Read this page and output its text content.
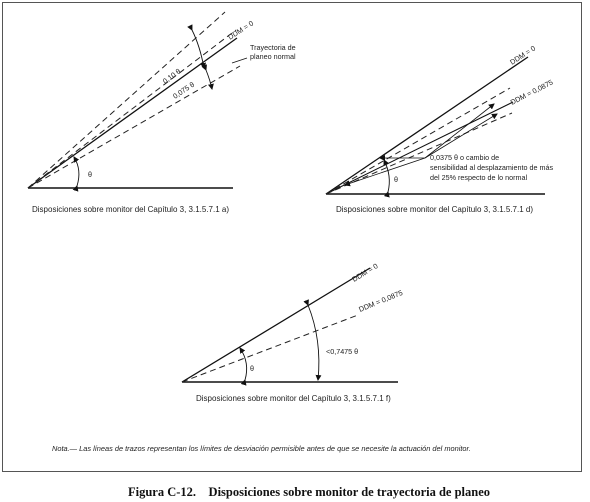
DDM = 0
Trayectoria de
planeo normal
0,10 θ
0,075 θ
θ
Disposiciones sobre monitor del Capítulo 3, 3.1.5.7.1 a)
DDM = 0
DDM = 0,0875
0,0375 θ o cambio de
sensibilidad al desplazamiento de más
del 25% respecto de lo normal
θ
Disposiciones sobre monitor del Capítulo 3, 3.1.5.7.1 d)
DDM = 0
DDM = 0,0875
<0,7475 θ
θ
Disposiciones sobre monitor del Capítulo 3, 3.1.5.7.1 f)
Nota.— Las líneas de trazos representan los límites de desviación permisible antes de que se necesite la actuación del monitor.
Figura C-12.    Disposiciones sobre monitor de trayectoria de planeo
